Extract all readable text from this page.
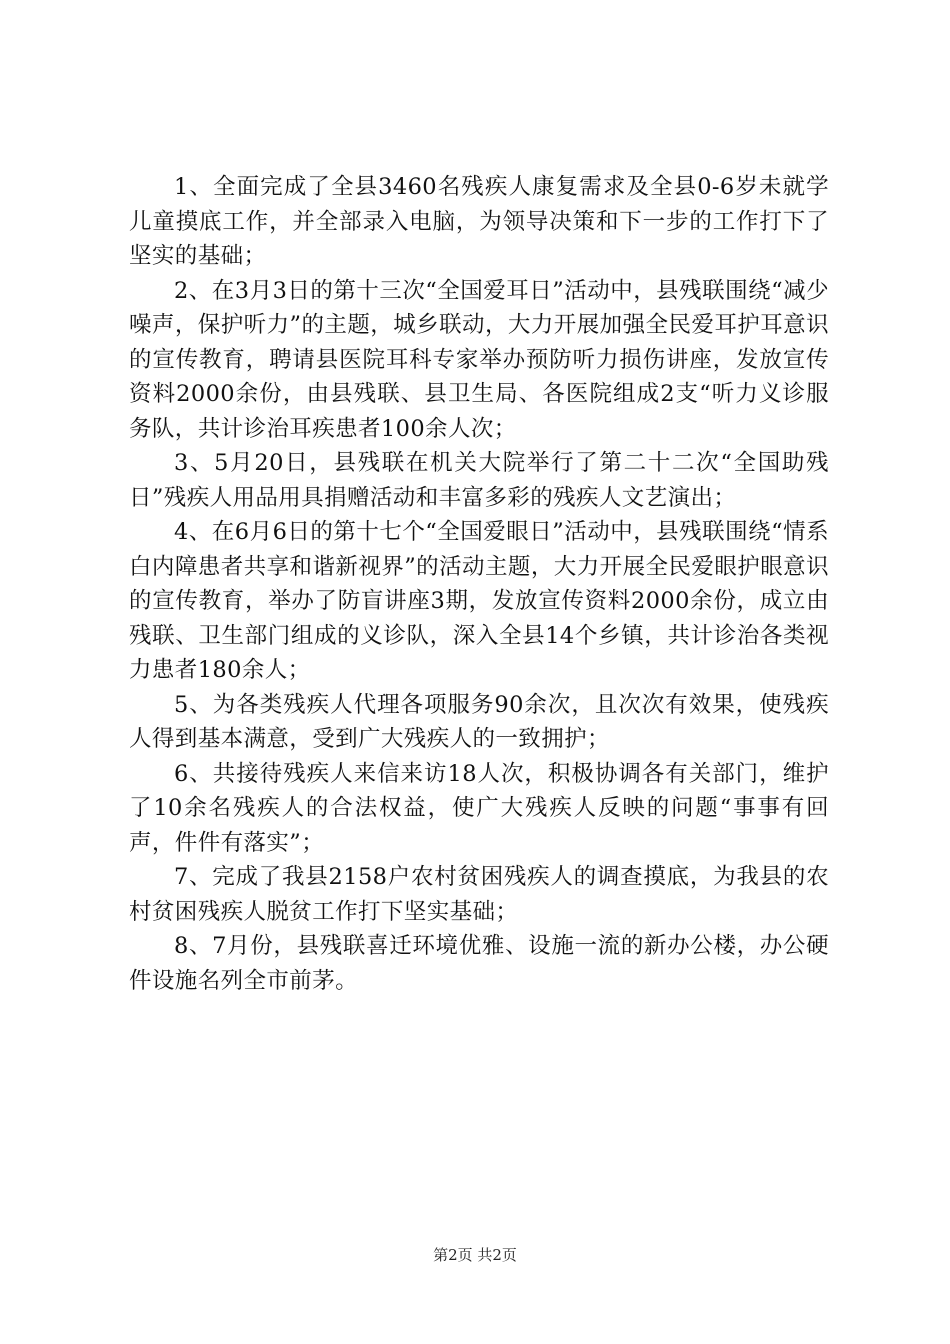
1、全面完成了全县3460名残疾人康复需求及全县0-6岁未就学儿童摸底工作，并全部录入电脑，为领导决策和下一步的工作打下了坚实的基础；

2、在3月3日的第十三次“全国爱耳日”活动中，县残联围绕“减少噪声，保护听力”的主题，城乡联动，大力开展加强全民爱耳护耳意识的宣传教育，聘请县医院耳科专家举办预防听力损伤讲座，发放宣传资料2000余份，由县残联、县卫生局、各医院组成2支“听力义诊服务队，共计诊治耳疾患者100余人次；

3、5月20日，县残联在机关大院举行了第二十二次“全国助残日”残疾人用品用具捐赠活动和丰富多彩的残疾人文艺演出；

4、在6月6日的第十七个“全国爱眼日”活动中，县残联围绕“情系白内障患者共享和谐新视界”的活动主题，大力开展全民爱眼护眼意识的宣传教育，举办了防盲讲座3期，发放宣传资料2000余份，成立由残联、卫生部门组成的义诊队，深入全县14个乡镇，共计诊治各类视力患者180余人；

5、为各类残疾人代理各项服务90余次，且次次有效果，使残疾人得到基本满意，受到广大残疾人的一致拥护；

6、共接待残疾人来信来访18人次，积极协调各有关部门，维护了10余名残疾人的合法权益，使广大残疾人反映的问题“事事有回声，件件有落实”；

7、完成了我县2158户农村贫困残疾人的调查摸底，为我县的农村贫困残疾人脱贫工作打下坚实基础；

8、7月份，县残联喜迁环境优雅、设施一流的新办公楼，办公硬件设施名列全市前茅。

第2页 共2页
